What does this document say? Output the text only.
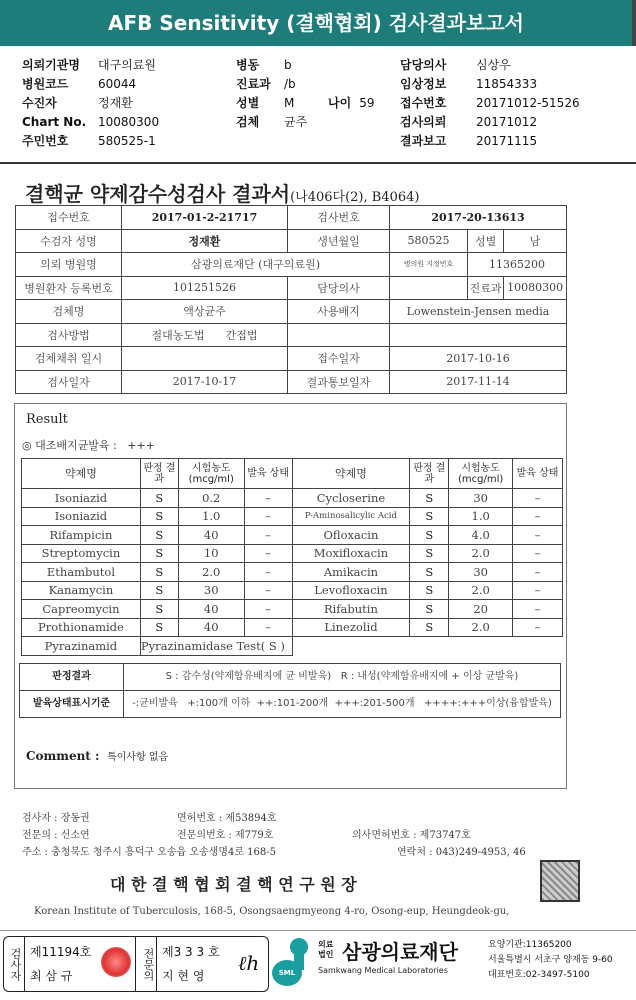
AFB Sensitivity (결핵협회) 검사결과보고서
의뢰기관명 대구의료원
병원코드 60044
수진자	정재환
Chart No. 10080300
주민번호 580525-1
병동 b
진료과 /b
성별 M
검체 균주
나이 59
담당의사 심상우
임상정보 11854333
접수번호 20171012-51526
검사의뢰 20171012
결과보고 20171115
결핵균 약제감수성검사 결과서(나406다(2), B4064)
접수번호	2017-01-2-21717	검사번호	2017-20-13613		
수검자 성명	정재환	생년월일	580525	성별	남
의뢰 병원명	삼광의료재단 (대구의료원)		병의원 지정번호	11365200	
병원환자 등록번호	101251526	담당의사		진료과	10080300
검체명	액상균주	사용배지	Lowenstein-Jensen media		
검사방법	절대농도법 간접법				
검체채취 일시		접수일자	2017-10-16		
검사일자	2017-10-17	결과통보일자	2017-11-14		
Result
◎ 대조배지균발육 : +++
약제명	판정 결과	시험농도 (mcg/ml)	발육 상태	약제명	판정 결과	시험농도 (mcg/ml)	발육 상태
Isoniazid	S	0.2	–	Cycloserine	S	30	–
Isoniazid	S	1.0	–	P-Aminosalicylic Acid	S	1.0	–
Rifampicin	S	40	–	Ofloxacin	S	4.0	–
Streptomycin	S	10	–	Moxifloxacin	S	2.0	–
Ethambutol	S	2.0	–	Amikacin	S	30	–
Kanamycin	S	30	–	Levofloxacin	S	2.0	–
Capreomycin	S	40	–	Rifabutin	S	20	–
Prothionamide	S	40	–	Linezolid	S	2.0	–
Pyrazinamid	Pyrazinamidase Test( S )						
판정결과	S : 감수성(약제함유배지에 균 비발육) R : 내성(약제함유배지에 + 이상 균발육)
발육상태표시기준	-:균비발육   +:100개 이하  ++:101-200개  +++:201-500개   ++++:+++이상(융합발육)
Comment : 특이사항 없음
검사자 : 장동권	면허번호 : 제53894호
전문의 : 신소연	전문의번호 : 제779호	의사면허번호 : 제73747호
주소 : 충청북도 청주시 흥덕구 오송읍 오송생명4로 168-5	연락처 : 043)249-4953, 46
대 한 결 핵 협 회 결 핵 연 구 원 장
Korean Institute of Tuberculosis, 168-5, Osongsaengmyeong 4-ro, Osong-eup, Heungdeok-gu,
검사자 제11194호
최 삼 규	전문의 제3 3 3 호
지 현 영
ℓh	SML
의료법인 삼광의료재단
Samkwang Medical Laboratories
요양기관:11365200
서울특별시 서초구 양재동 9-60
대표번호:02-3497-5100
